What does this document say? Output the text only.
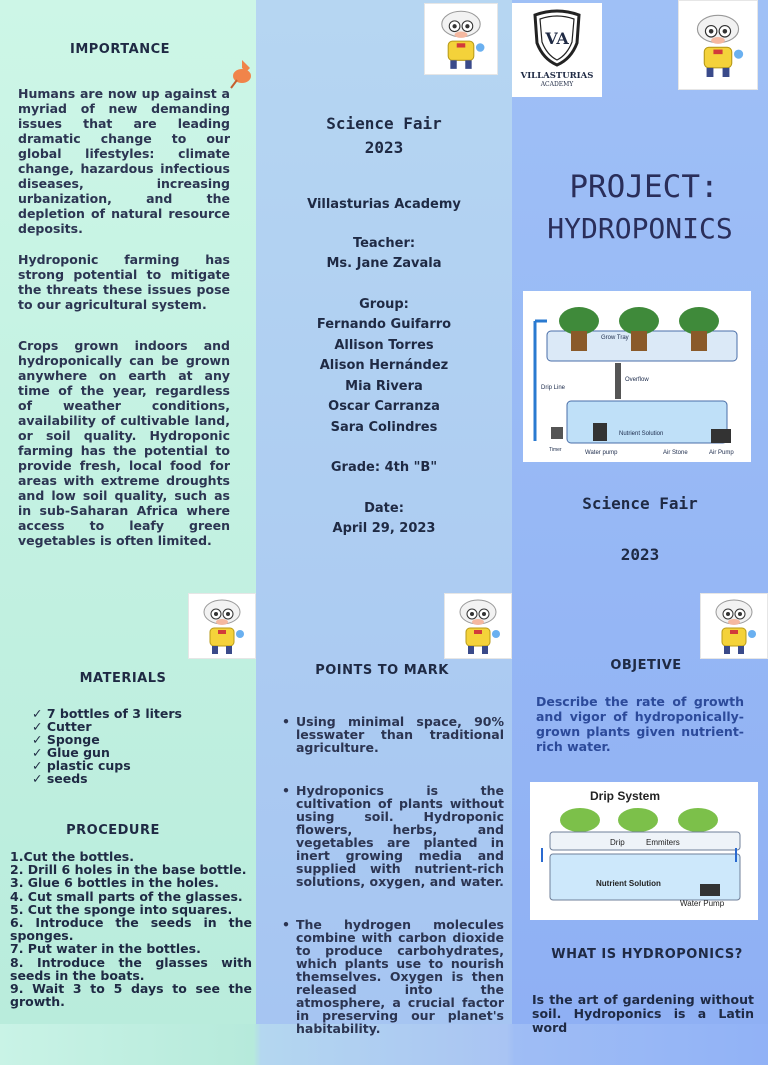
IMPORTANCE
Humans are now up against a myriad of new demanding issues that are leading dramatic change to our global lifestyles: climate change, hazardous infectious diseases, increasing urbanization, and the depletion of natural resource deposits.
Hydroponic farming has strong potential to mitigate the threats these issues pose to our agricultural system.
Crops grown indoors and hydroponically can be grown anywhere on earth at any time of the year, regardless of weather conditions, availability of cultivable land, or soil quality. Hydroponic farming has the potential to provide fresh, local food for areas with extreme droughts and low soil quality, such as in sub-Saharan Africa where access to leafy green vegetables is often limited.
MATERIALS
✓ 7 bottles of 3 liters
✓ Cutter
✓ Sponge
✓ Glue gun
✓ plastic cups
✓ seeds
PROCEDURE
1.Cut the bottles.
2. Drill 6 holes in the base bottle.
3. Glue 6 bottles in the holes.
4. Cut small parts of the glasses.
5. Cut the sponge into squares.
6. Introduce the seeds in the sponges.
7. Put water in the bottles.
8. Introduce the glasses with seeds in the boats.
9. Wait 3 to 5 days to see the growth.
Science Fair
2023
Villasturias Academy
Teacher:
Ms. Jane Zavala
Group:
Fernando Guifarro
Allison Torres
Alison Hernández
Mia Rivera
Oscar Carranza
Sara Colindres
Grade: 4th "B"
Date:
April 29, 2023
POINTS TO MARK
• Using minimal space, 90% lesswater than traditional agriculture.
• Hydroponics is the cultivation of plants without using soil. Hydroponic flowers, herbs, and vegetables are planted in inert growing media and supplied with nutrient-rich solutions, oxygen, and water.
• The hydrogen molecules combine with carbon dioxide to produce carbohydrates, which plants use to nourish themselves. Oxygen is then released into the atmosphere, a crucial factor in preserving our planet's habitability.
VA
VILLASTURIAS
ACADEMY
PROJECT:
HYDROPONICS
Grow Tray
Overflow
Drip Line
Nutrient Solution
Timer	Water pump	Air Stone	Air Pump
Science Fair
2023
OBJETIVE
Describe the rate of growth and vigor of hydroponically-grown plants given nutrient-rich water.
Drip System
Drip	Emmiters
Nutrient Solution
Water Pump
WHAT IS HYDROPONICS?
Is the art of gardening without soil. Hydroponics is a Latin word
